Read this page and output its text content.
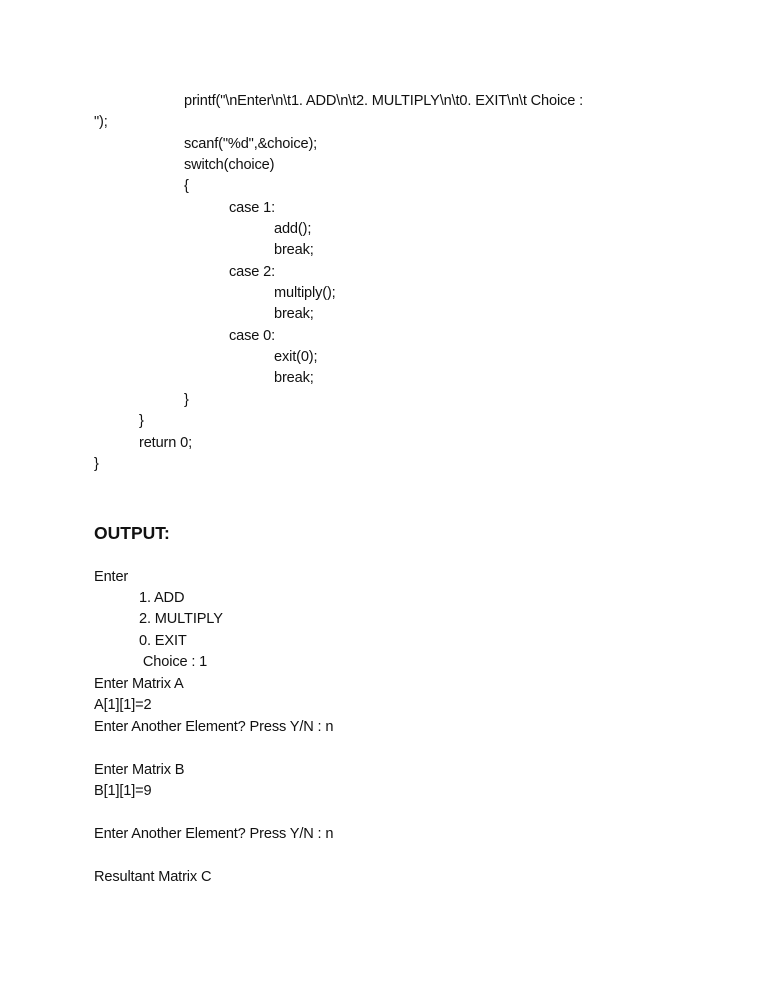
printf("\nEnter\n\t1. ADD\n\t2. MULTIPLY\n\t0. EXIT\n\t Choice :
");
scanf("%d",&choice);
switch(choice)
{
case 1:
add();
break;
case 2:
multiply();
break;
case 0:
exit(0);
break;
}
}
return 0;
}
OUTPUT:
Enter
1. ADD
2. MULTIPLY
0. EXIT
Choice : 1
Enter Matrix A
A[1][1]=2
Enter Another Element? Press Y/N : n
Enter Matrix B
B[1][1]=9
Enter Another Element? Press Y/N : n
Resultant Matrix C
